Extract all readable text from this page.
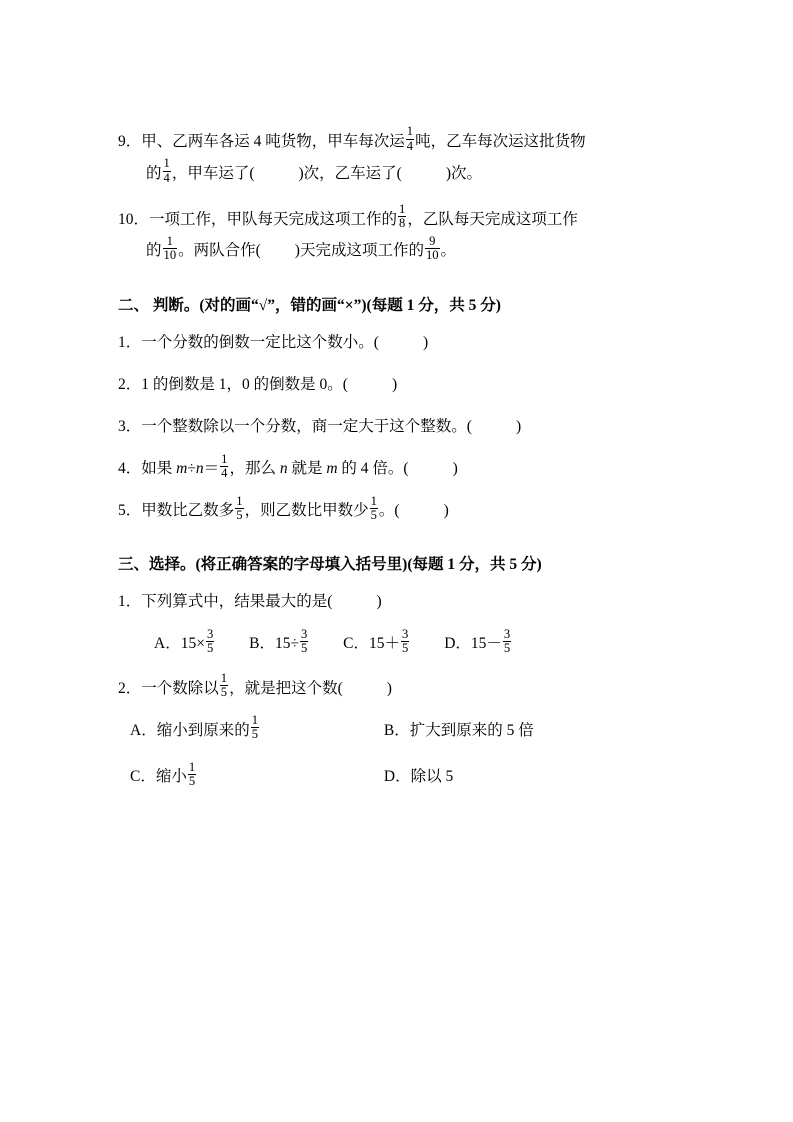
9．甲、乙两车各运 4 吨货物，甲车每次运 $\frac{1}{4}$ 吨，乙车每次运这批货物
的 $\frac{1}{4}$ ，甲车运了(	)次，乙车运了(	)次。
10．一项工作，甲队每天完成这项工作的 $\frac{1}{8}$ ，乙队每天完成这项工作
的 $\frac{1}{10}$ 。两队合作( )天完成这项工作的 $\frac{9}{10}$ 。
二、 判断。(对的画“√”，错的画“×”)(每题 1 分，共 5 分)
1．一个分数的倒数一定比这个数小。(	)
2．1 的倒数是 1，0 的倒数是 0。(	)
3．一个整数除以一个分数，商一定大于这个整数。(	)
4．如果 $m\div n= \frac{1}{4}$ ，那么 n 就是 m 的 4 倍。(	)
5．甲数比乙数多 $\frac{1}{5}$ ，则乙数比甲数少 $\frac{1}{5}$ 。(	)
三、选择。(将正确答案的字母填入括号里)(每题 1 分，共 5 分)
1．下列算式中，结果最大的是(	)
A．$15\times \frac{3}{5}$ B．$15\div \frac{3}{5}$ C．$15+ \frac{3}{5}$ D．$15- \frac{3}{5}$
2．一个数除以 $\frac{1}{5}$ ，就是把这个数(	)
A．缩小到原来的 $\frac{1}{5}$	B．扩大到原来的 5 倍
C．缩小 $\frac{1}{5}$	D．除以 5
